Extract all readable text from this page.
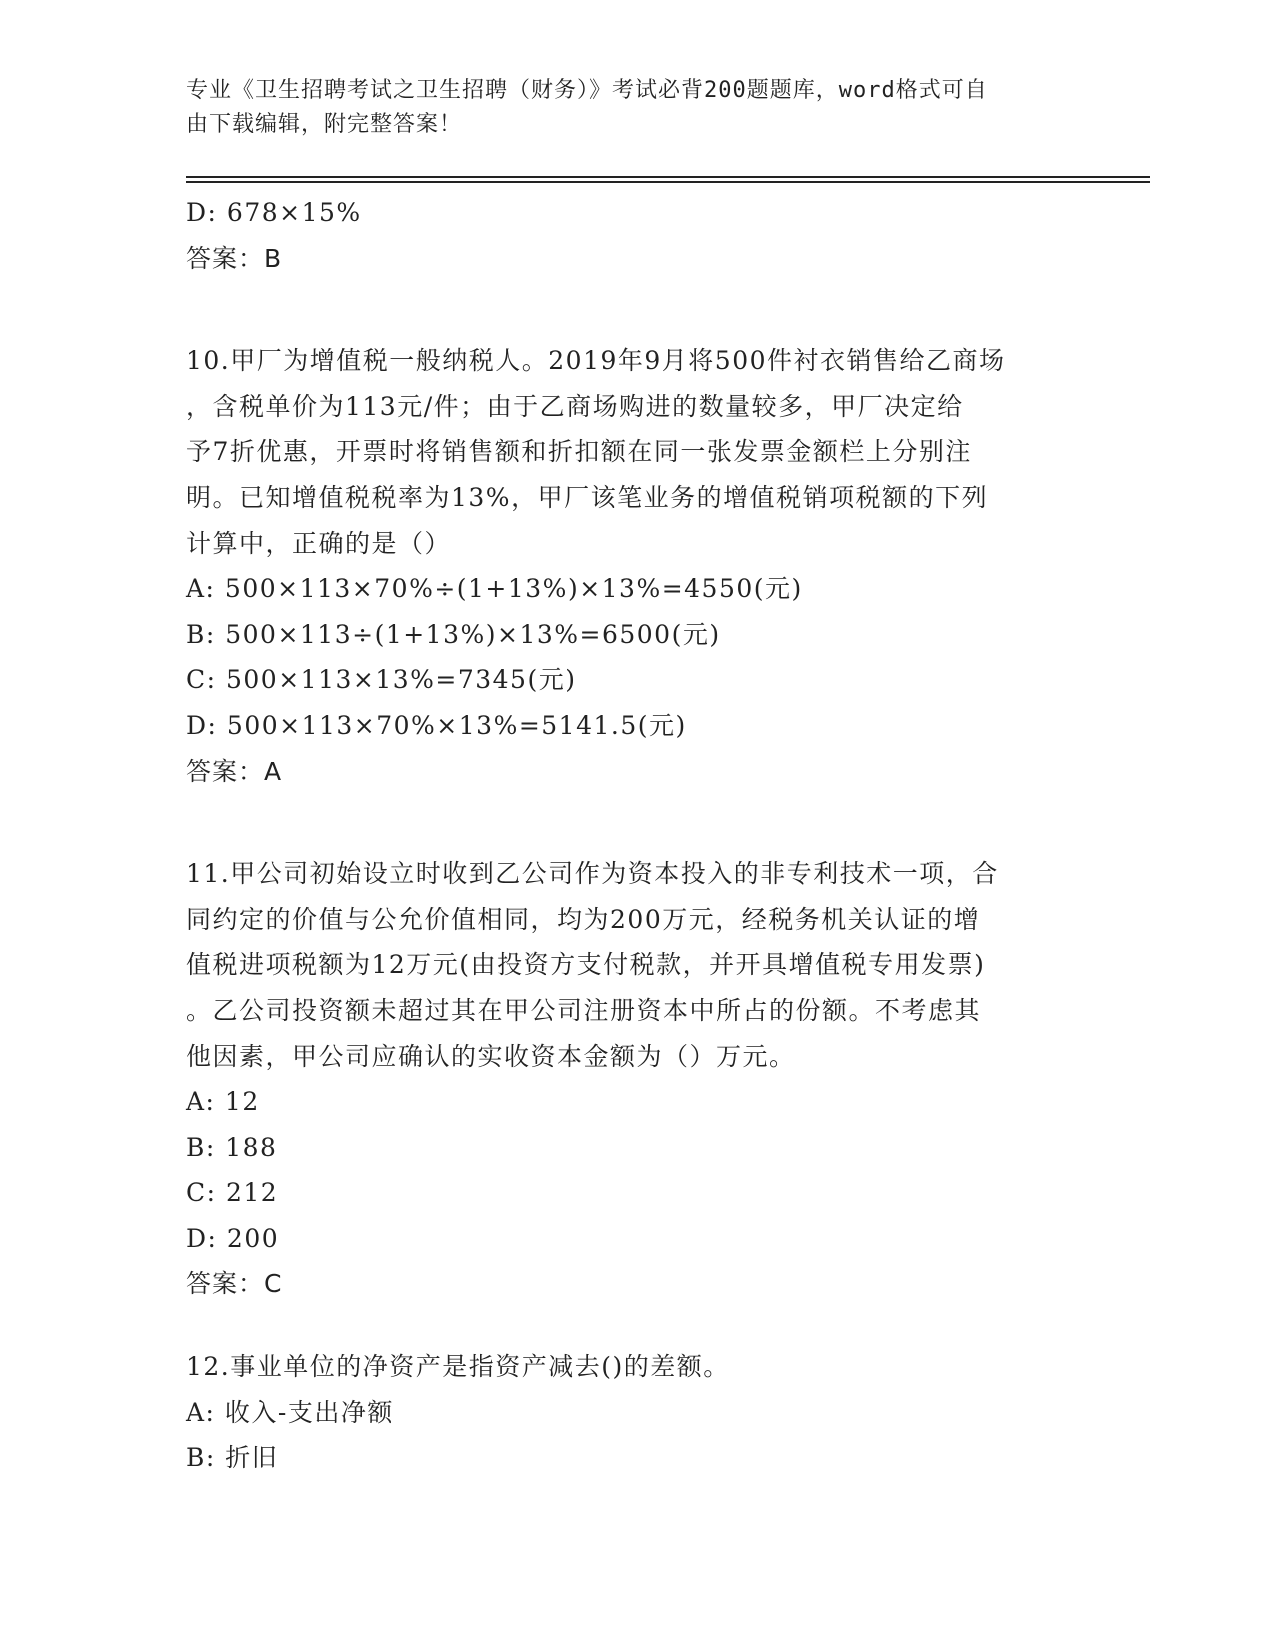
专业《卫生招聘考试之卫生招聘（财务）》考试必背200题题库，word格式可自
由下载编辑，附完整答案！
D: 678×15%
答案：B
10.甲厂为增值税一般纳税人。2019年9月将500件衬衣销售给乙商场
，含税单价为113元/件；由于乙商场购进的数量较多，甲厂决定给
予7折优惠，开票时将销售额和折扣额在同一张发票金额栏上分别注
明。已知增值税税率为13%，甲厂该笔业务的增值税销项税额的下列
计算中，正确的是（）
A: 500×113×70%÷(1+13%)×13%=4550(元)
B: 500×113÷(1+13%)×13%=6500(元)
C: 500×113×13%=7345(元)
D: 500×113×70%×13%=5141.5(元)
答案：A
11.甲公司初始设立时收到乙公司作为资本投入的非专利技术一项，合
同约定的价值与公允价值相同，均为200万元，经税务机关认证的增
值税进项税额为12万元(由投资方支付税款，并开具增值税专用发票)
。乙公司投资额未超过其在甲公司注册资本中所占的份额。不考虑其
他因素，甲公司应确认的实收资本金额为（）万元。
A: 12
B: 188
C: 212
D: 200
答案：C
12.事业单位的净资产是指资产减去()的差额。
A: 收入-支出净额
B: 折旧
